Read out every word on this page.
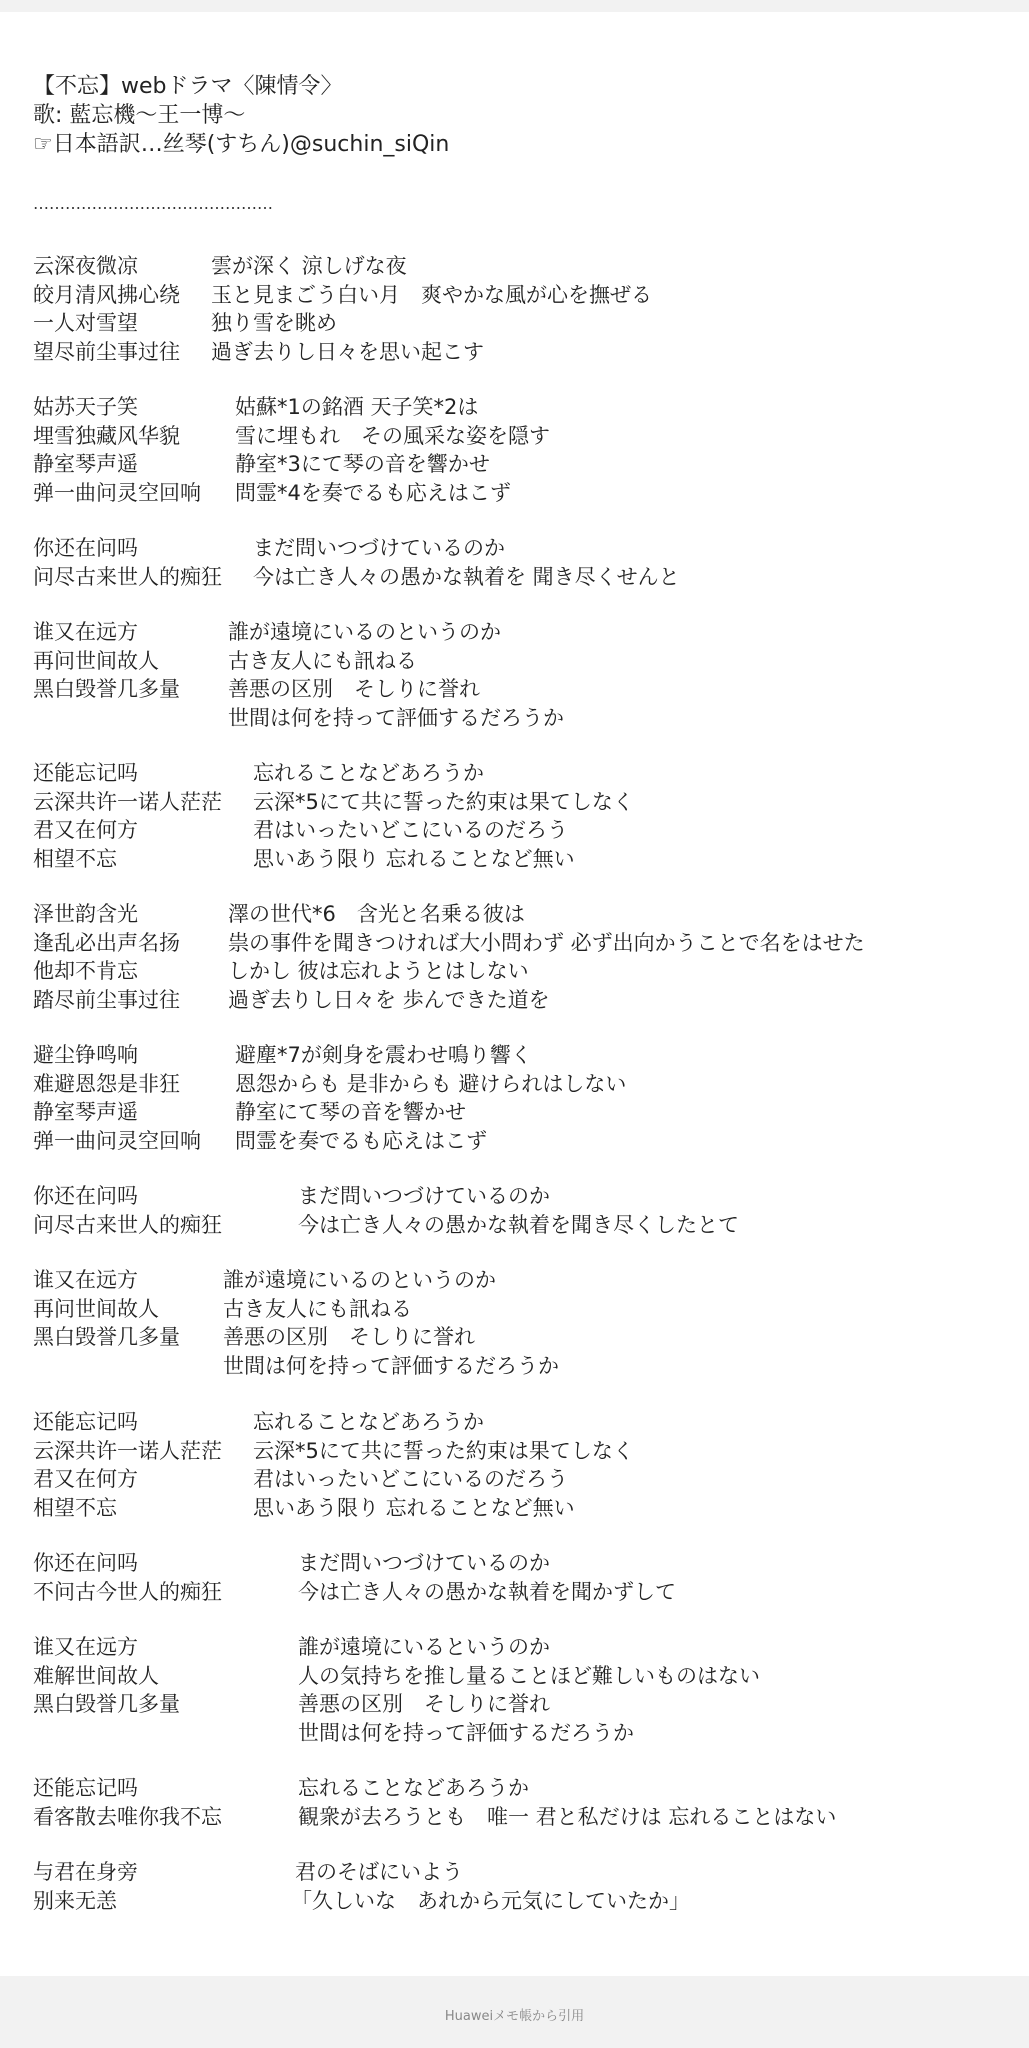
【不忘】webドラマ〈陳情令〉
歌: 藍忘機〜王一博〜
☞日本語訳…丝琴(すちん)@suchin_siQin
………………………………………
云深夜微凉	雲が深く 涼しげな夜
皎月清风拂心绕 玉と見まごう白い月　爽やかな風が心を撫ぜる
一人对雪望	独り雪を眺め
望尽前尘事过往 過ぎ去りし日々を思い起こす
姑苏天子笑	姑蘇*1の銘酒 天子笑*2は
埋雪独藏风华貌	雪に埋もれ　その風采な姿を隠す
静室琴声遥	静室*3にて琴の音を響かせ
弹一曲问灵空回响 問霊*4を奏でるも応えはこず
你还在问吗	まだ問いつづけているのか
问尽古来世人的痴狂 今は亡き人々の愚かな執着を 聞き尽くせんと
谁又在远方	誰が遠境にいるのというのか
再问世间故人	古き友人にも訊ねる
黑白毁誉几多量 善悪の区別　そしりに誉れ
世間は何を持って評価するだろうか
还能忘记吗	忘れることなどあろうか
云深共许一诺人茫茫 云深*5にて共に誓った約束は果てしなく
君又在何方	君はいったいどこにいるのだろう
相望不忘	思いあう限り 忘れることなど無い
泽世韵含光	澤の世代*6　含光と名乗る彼は
逢乱必出声名扬 祟の事件を聞きつければ大小問わず 必ず出向かうことで名をはせた
他却不肯忘	しかし 彼は忘れようとはしない
踏尽前尘事过往 過ぎ去りし日々を 歩んできた道を
避尘铮鸣响	避塵*7が剣身を震わせ鳴り響く
难避恩怨是非狂	恩怨からも 是非からも 避けられはしない
静室琴声遥	静室にて琴の音を響かせ
弹一曲问灵空回响 問霊を奏でるも応えはこず
你还在问吗	まだ問いつづけているのか
问尽古来世人的痴狂	今は亡き人々の愚かな執着を聞き尽くしたとて
谁又在远方	誰が遠境にいるのというのか
再问世间故人	古き友人にも訊ねる
黑白毁誉几多量 善悪の区別　そしりに誉れ
世間は何を持って評価するだろうか
还能忘记吗	忘れることなどあろうか
云深共许一诺人茫茫 云深*5にて共に誓った約束は果てしなく
君又在何方	君はいったいどこにいるのだろう
相望不忘	思いあう限り 忘れることなど無い
你还在问吗	まだ問いつづけているのか
不问古今世人的痴狂	今は亡き人々の愚かな執着を聞かずして
谁又在远方	誰が遠境にいるというのか
难解世间故人	人の気持ちを推し量ることほど難しいものはない
黑白毁誉几多量	善悪の区別　そしりに誉れ
世間は何を持って評価するだろうか
还能忘记吗	忘れることなどあろうか
看客散去唯你我不忘	観衆が去ろうとも　唯一 君と私だけは 忘れることはない
与君在身旁	君のそばにいよう
别来无恙	「久しいな　あれから元気にしていたか」
Huaweiメモ帳から引用
